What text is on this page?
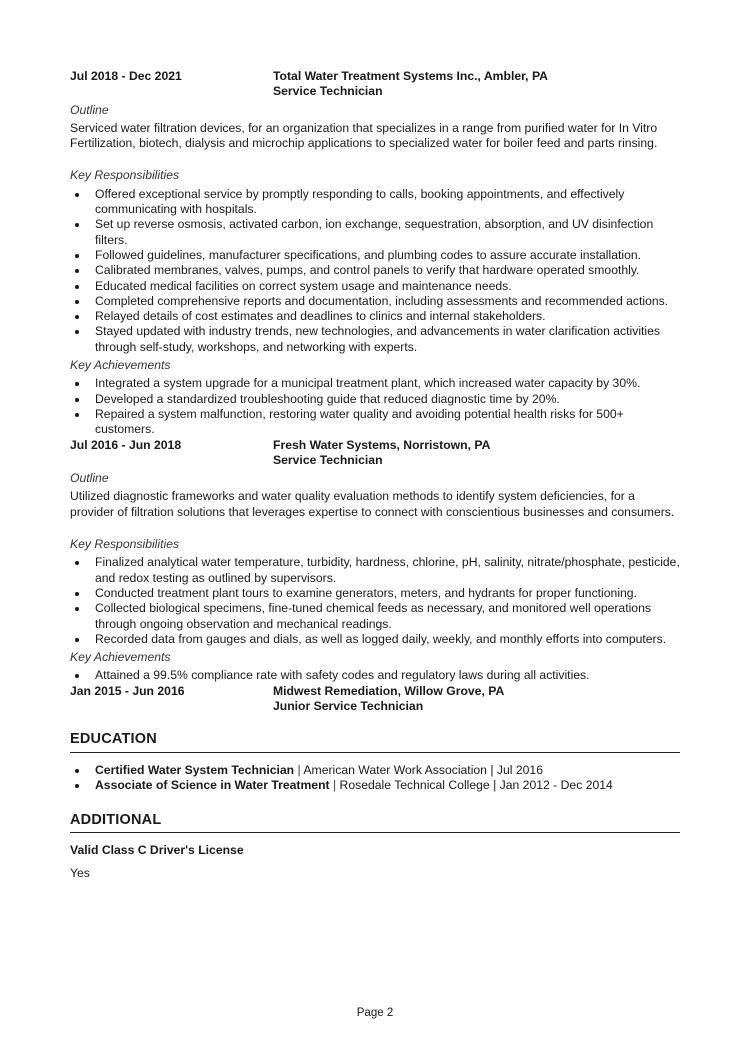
Jul 2018 - Dec 2021	Total Water Treatment Systems Inc., Ambler, PA
Service Technician
Outline
Serviced water filtration devices, for an organization that specializes in a range from purified water for In Vitro Fertilization, biotech, dialysis and microchip applications to specialized water for boiler feed and parts rinsing.
Key Responsibilities
Offered exceptional service by promptly responding to calls, booking appointments, and effectively communicating with hospitals.
Set up reverse osmosis, activated carbon, ion exchange, sequestration, absorption, and UV disinfection filters.
Followed guidelines, manufacturer specifications, and plumbing codes to assure accurate installation.
Calibrated membranes, valves, pumps, and control panels to verify that hardware operated smoothly.
Educated medical facilities on correct system usage and maintenance needs.
Completed comprehensive reports and documentation, including assessments and recommended actions.
Relayed details of cost estimates and deadlines to clinics and internal stakeholders.
Stayed updated with industry trends, new technologies, and advancements in water clarification activities through self-study, workshops, and networking with experts.
Key Achievements
Integrated a system upgrade for a municipal treatment plant, which increased water capacity by 30%.
Developed a standardized troubleshooting guide that reduced diagnostic time by 20%.
Repaired a system malfunction, restoring water quality and avoiding potential health risks for 500+ customers.
Jul 2016 - Jun 2018	Fresh Water Systems, Norristown, PA
Service Technician
Outline
Utilized diagnostic frameworks and water quality evaluation methods to identify system deficiencies, for a provider of filtration solutions that leverages expertise to connect with conscientious businesses and consumers.
Key Responsibilities
Finalized analytical water temperature, turbidity, hardness, chlorine, pH, salinity, nitrate/phosphate, pesticide, and redox testing as outlined by supervisors.
Conducted treatment plant tours to examine generators, meters, and hydrants for proper functioning.
Collected biological specimens, fine-tuned chemical feeds as necessary, and monitored well operations through ongoing observation and mechanical readings.
Recorded data from gauges and dials, as well as logged daily, weekly, and monthly efforts into computers.
Key Achievements
Attained a 99.5% compliance rate with safety codes and regulatory laws during all activities.
Jan 2015 - Jun 2016	Midwest Remediation, Willow Grove, PA
Junior Service Technician
EDUCATION
Certified Water System Technician | American Water Work Association | Jul 2016
Associate of Science in Water Treatment | Rosedale Technical College | Jan 2012 - Dec 2014
ADDITIONAL
Valid Class C Driver's License
Yes
Page 2
